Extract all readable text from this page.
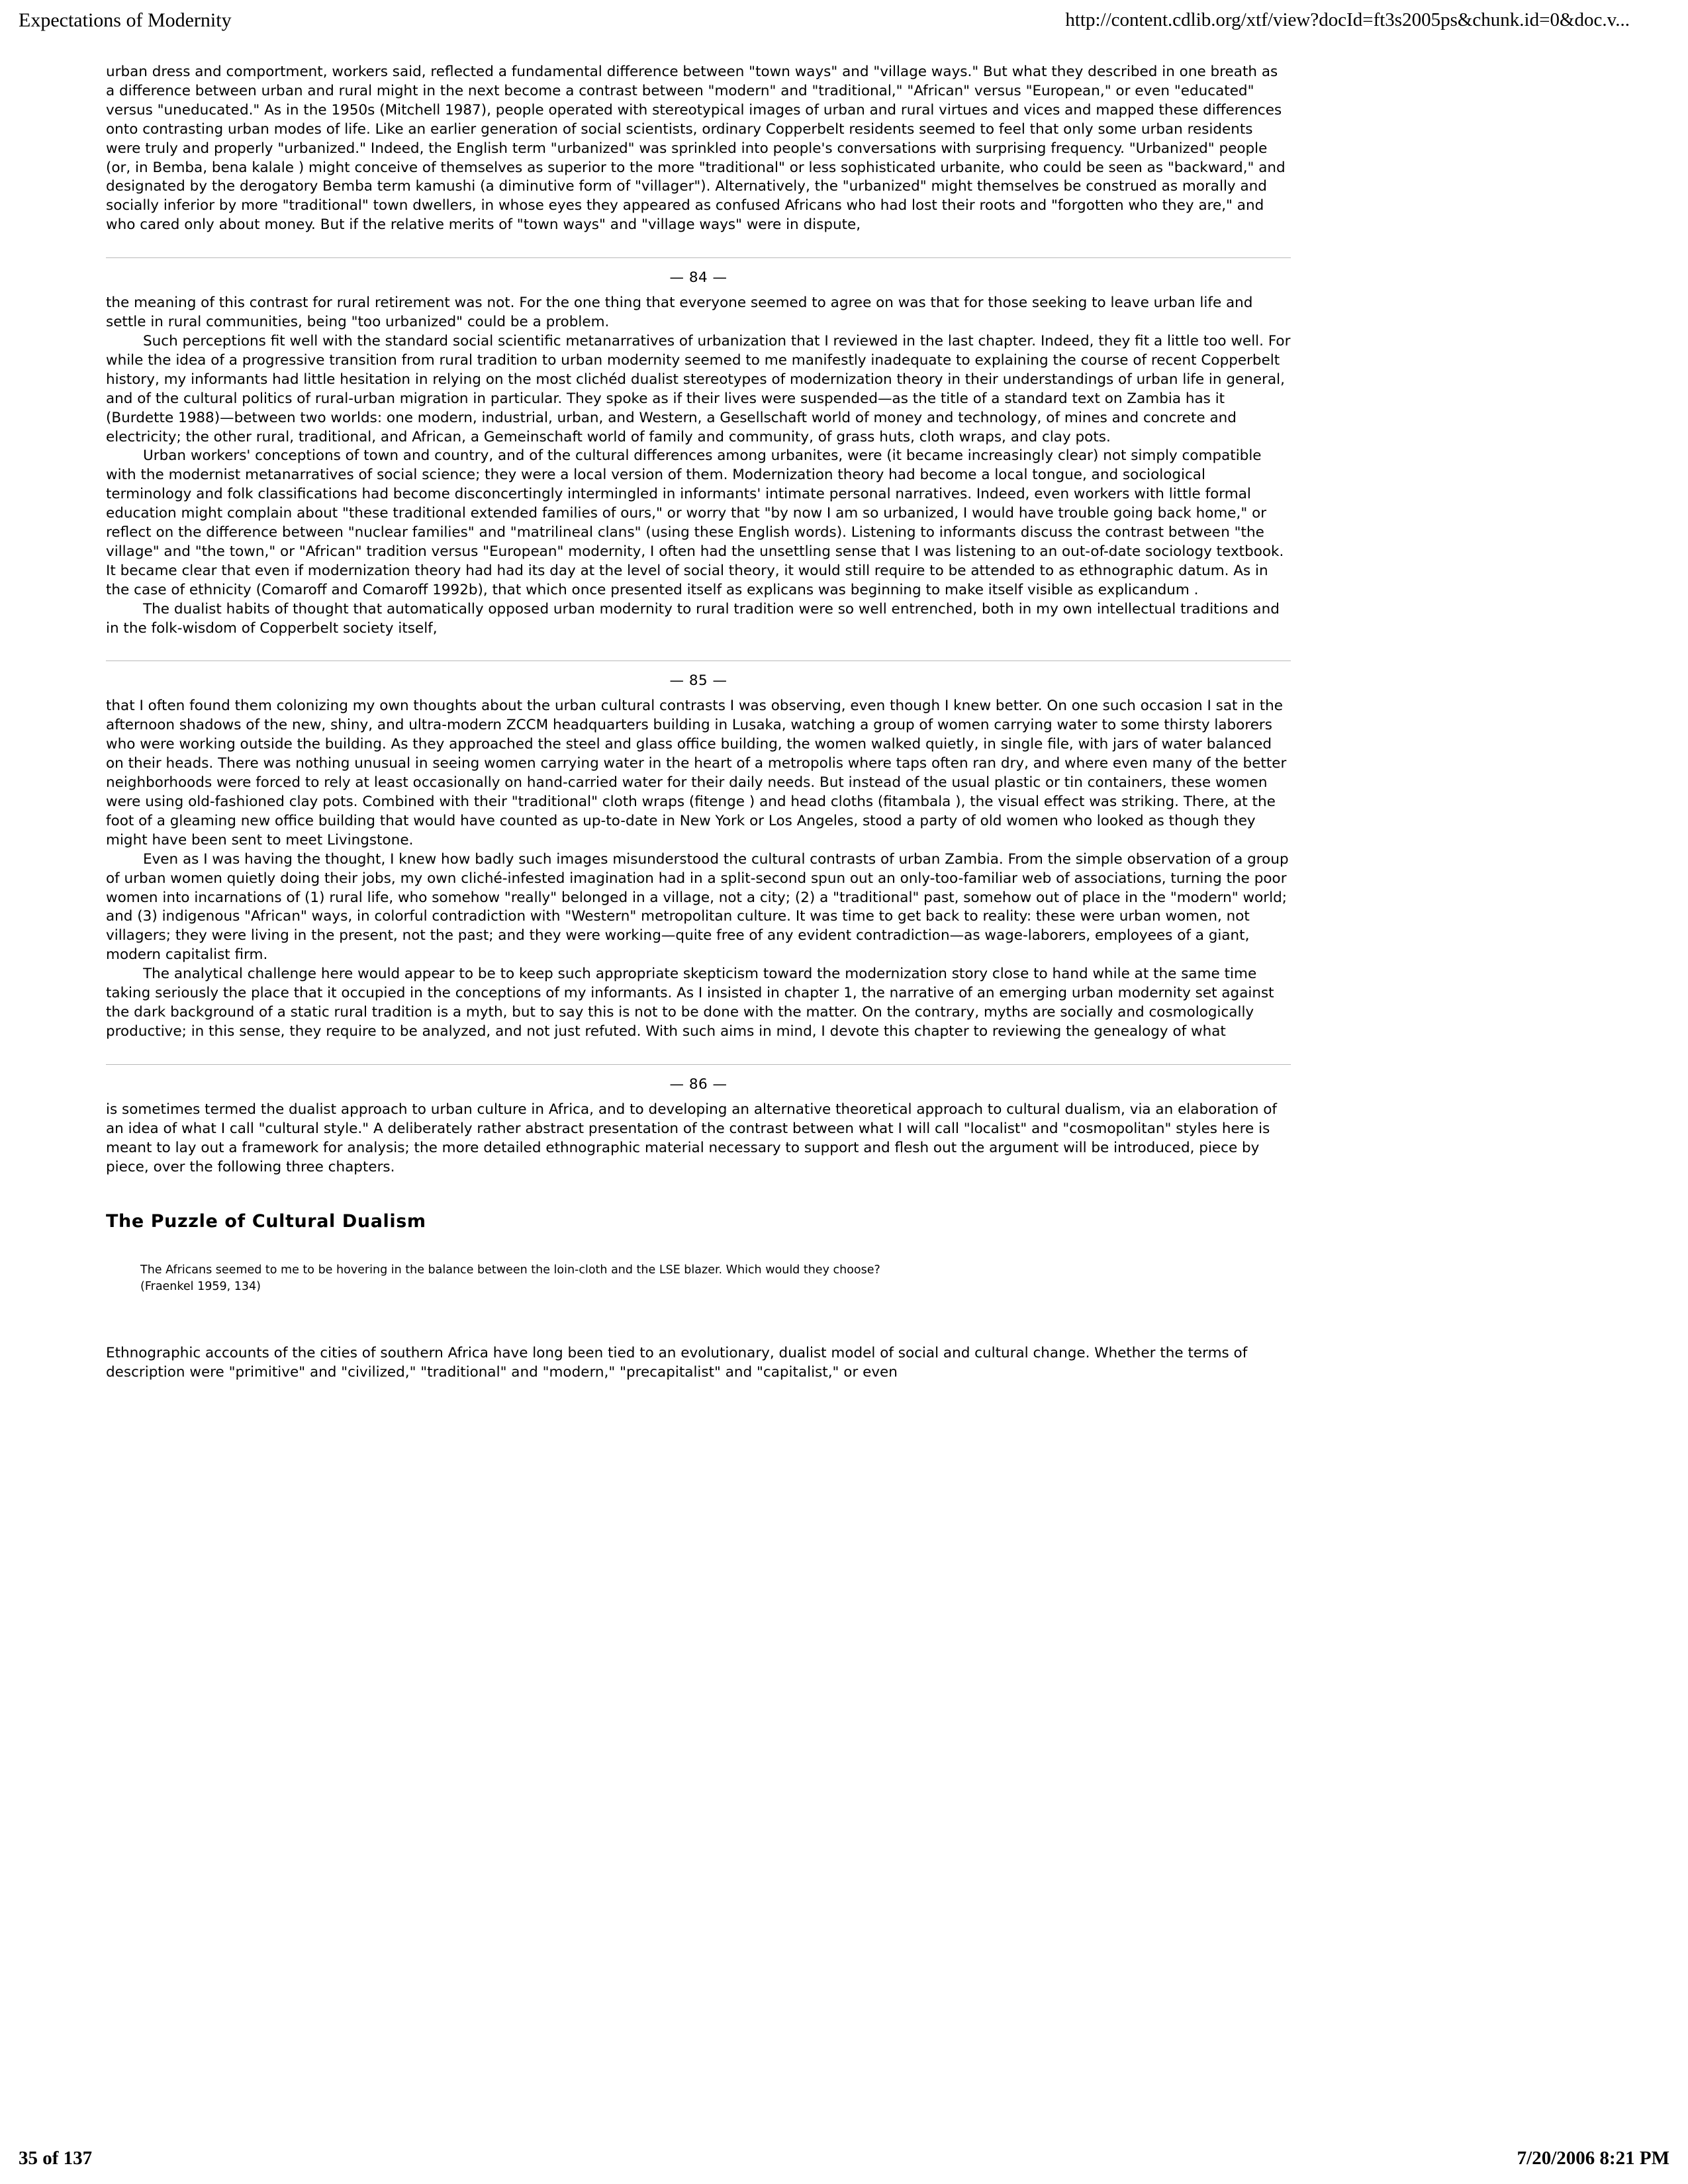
Expectations of Modernity	http://content.cdlib.org/xtf/view?docId=ft3s2005ps&chunk.id=0&doc.v...

urban dress and comportment, workers said, reflected a fundamental difference between "town ways" and "village ways." But what they described in one breath as a difference between urban and rural might in the next become a contrast between "modern" and "traditional," "African" versus "European," or even "educated" versus "uneducated." As in the 1950s (Mitchell 1987), people operated with stereotypical images of urban and rural virtues and vices and mapped these differences onto contrasting urban modes of life. Like an earlier generation of social scientists, ordinary Copperbelt residents seemed to feel that only some urban residents were truly and properly "urbanized." Indeed, the English term "urbanized" was sprinkled into people's conversations with surprising frequency. "Urbanized" people (or, in Bemba, bena kalale ) might conceive of themselves as superior to the more "traditional" or less sophisticated urbanite, who could be seen as "backward," and designated by the derogatory Bemba term kamushi (a diminutive form of "villager"). Alternatively, the "urbanized" might themselves be construed as morally and socially inferior by more "traditional" town dwellers, in whose eyes they appeared as confused Africans who had lost their roots and "forgotten who they are," and who cared only about money. But if the relative merits of "town ways" and "village ways" were in dispute,

— 84 —

the meaning of this contrast for rural retirement was not. For the one thing that everyone seemed to agree on was that for those seeking to leave urban life and settle in rural communities, being "too urbanized" could be a problem.

Such perceptions fit well with the standard social scientific metanarratives of urbanization that I reviewed in the last chapter. Indeed, they fit a little too well. For while the idea of a progressive transition from rural tradition to urban modernity seemed to me manifestly inadequate to explaining the course of recent Copperbelt history, my informants had little hesitation in relying on the most clichéd dualist stereotypes of modernization theory in their understandings of urban life in general, and of the cultural politics of rural-urban migration in particular. They spoke as if their lives were suspended—as the title of a standard text on Zambia has it (Burdette 1988)—between two worlds: one modern, industrial, urban, and Western, a Gesellschaft world of money and technology, of mines and concrete and electricity; the other rural, traditional, and African, a Gemeinschaft world of family and community, of grass huts, cloth wraps, and clay pots.

Urban workers' conceptions of town and country, and of the cultural differences among urbanites, were (it became increasingly clear) not simply compatible with the modernist metanarratives of social science; they were a local version of them. Modernization theory had become a local tongue, and sociological terminology and folk classifications had become disconcertingly intermingled in informants' intimate personal narratives. Indeed, even workers with little formal education might complain about "these traditional extended families of ours," or worry that "by now I am so urbanized, I would have trouble going back home," or reflect on the difference between "nuclear families" and "matrilineal clans" (using these English words). Listening to informants discuss the contrast between "the village" and "the town," or "African" tradition versus "European" modernity, I often had the unsettling sense that I was listening to an out-of-date sociology textbook. It became clear that even if modernization theory had had its day at the level of social theory, it would still require to be attended to as ethnographic datum. As in the case of ethnicity (Comaroff and Comaroff 1992b), that which once presented itself as explicans was beginning to make itself visible as explicandum .

The dualist habits of thought that automatically opposed urban modernity to rural tradition were so well entrenched, both in my own intellectual traditions and in the folk-wisdom of Copperbelt society itself,

— 85 —

that I often found them colonizing my own thoughts about the urban cultural contrasts I was observing, even though I knew better. On one such occasion I sat in the afternoon shadows of the new, shiny, and ultra-modern ZCCM headquarters building in Lusaka, watching a group of women carrying water to some thirsty laborers who were working outside the building. As they approached the steel and glass office building, the women walked quietly, in single file, with jars of water balanced on their heads. There was nothing unusual in seeing women carrying water in the heart of a metropolis where taps often ran dry, and where even many of the better neighborhoods were forced to rely at least occasionally on hand-carried water for their daily needs. But instead of the usual plastic or tin containers, these women were using old-fashioned clay pots. Combined with their "traditional" cloth wraps (fitenge ) and head cloths (fitambala ), the visual effect was striking. There, at the foot of a gleaming new office building that would have counted as up-to-date in New York or Los Angeles, stood a party of old women who looked as though they might have been sent to meet Livingstone.

Even as I was having the thought, I knew how badly such images misunderstood the cultural contrasts of urban Zambia. From the simple observation of a group of urban women quietly doing their jobs, my own cliché-infested imagination had in a split-second spun out an only-too-familiar web of associations, turning the poor women into incarnations of (1) rural life, who somehow "really" belonged in a village, not a city; (2) a "traditional" past, somehow out of place in the "modern" world; and (3) indigenous "African" ways, in colorful contradiction with "Western" metropolitan culture. It was time to get back to reality: these were urban women, not villagers; they were living in the present, not the past; and they were working—quite free of any evident contradiction—as wage-laborers, employees of a giant, modern capitalist firm.

The analytical challenge here would appear to be to keep such appropriate skepticism toward the modernization story close to hand while at the same time taking seriously the place that it occupied in the conceptions of my informants. As I insisted in chapter 1, the narrative of an emerging urban modernity set against the dark background of a static rural tradition is a myth, but to say this is not to be done with the matter. On the contrary, myths are socially and cosmologically productive; in this sense, they require to be analyzed, and not just refuted. With such aims in mind, I devote this chapter to reviewing the genealogy of what

— 86 —

is sometimes termed the dualist approach to urban culture in Africa, and to developing an alternative theoretical approach to cultural dualism, via an elaboration of an idea of what I call "cultural style." A deliberately rather abstract presentation of the contrast between what I will call "localist" and "cosmopolitan" styles here is meant to lay out a framework for analysis; the more detailed ethnographic material necessary to support and flesh out the argument will be introduced, piece by piece, over the following three chapters.

The Puzzle of Cultural Dualism
The Africans seemed to me to be hovering in the balance between the loin-cloth and the LSE blazer. Which would they choose?
(Fraenkel 1959, 134)

Ethnographic accounts of the cities of southern Africa have long been tied to an evolutionary, dualist model of social and cultural change. Whether the terms of description were "primitive" and "civilized," "traditional" and "modern," "precapitalist" and "capitalist," or even

35 of 137	7/20/2006 8:21 PM
